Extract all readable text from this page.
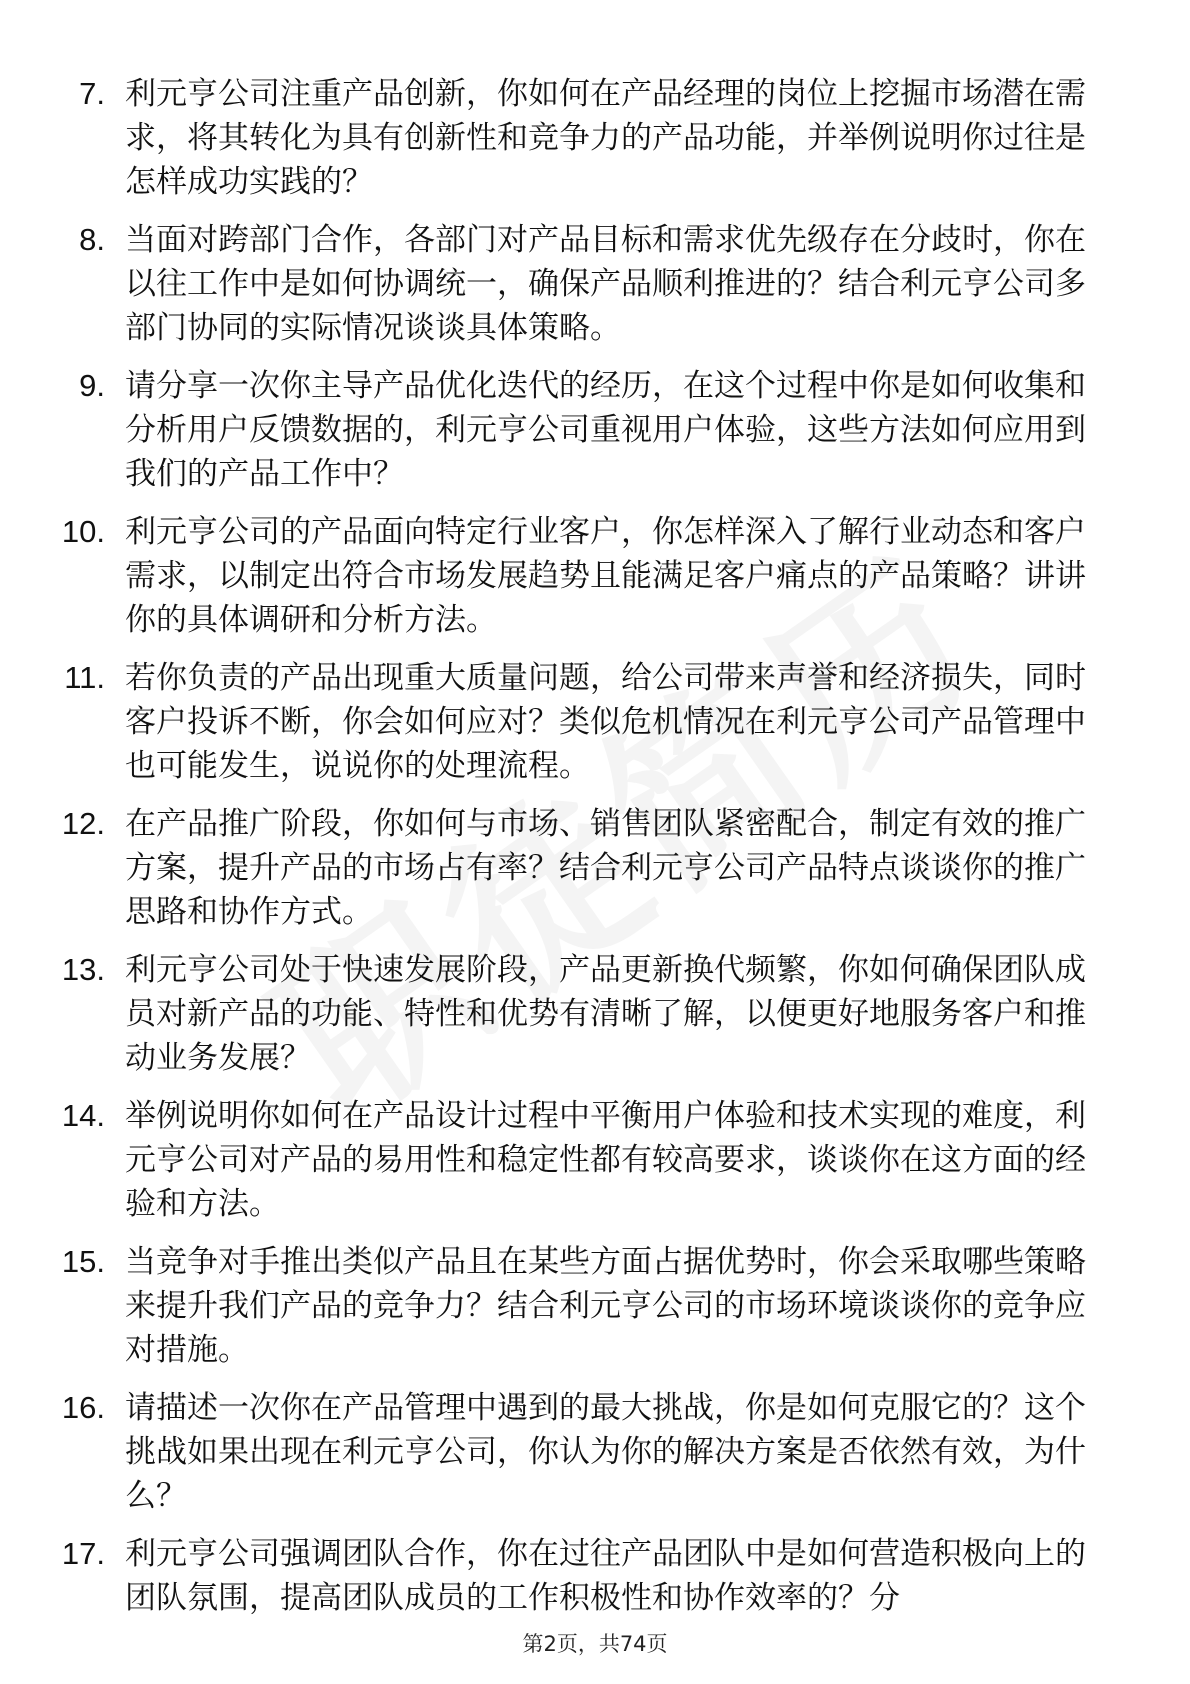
7. 利元亨公司注重产品创新，你如何在产品经理的岗位上挖掘市场潜在需求，将其转化为具有创新性和竞争力的产品功能，并举例说明你过往是怎样成功实践的？
8. 当面对跨部门合作，各部门对产品目标和需求优先级存在分歧时，你在以往工作中是如何协调统一，确保产品顺利推进的？结合利元亨公司多部门协同的实际情况谈谈具体策略。
9. 请分享一次你主导产品优化迭代的经历，在这个过程中你是如何收集和分析用户反馈数据的，利元亨公司重视用户体验，这些方法如何应用到我们的产品工作中？
10. 利元亨公司的产品面向特定行业客户，你怎样深入了解行业动态和客户需求，以制定出符合市场发展趋势且能满足客户痛点的产品策略？讲讲你的具体调研和分析方法。
11. 若你负责的产品出现重大质量问题，给公司带来声誉和经济损失，同时客户投诉不断，你会如何应对？类似危机情况在利元亨公司产品管理中也可能发生，说说你的处理流程。
12. 在产品推广阶段，你如何与市场、销售团队紧密配合，制定有效的推广方案，提升产品的市场占有率？结合利元亨公司产品特点谈谈你的推广思路和协作方式。
13. 利元亨公司处于快速发展阶段，产品更新换代频繁，你如何确保团队成员对新产品的功能、特性和优势有清晰了解，以便更好地服务客户和推动业务发展？
14. 举例说明你如何在产品设计过程中平衡用户体验和技术实现的难度，利元亨公司对产品的易用性和稳定性都有较高要求，谈谈你在这方面的经验和方法。
15. 当竞争对手推出类似产品且在某些方面占据优势时，你会采取哪些策略来提升我们产品的竞争力？结合利元亨公司的市场环境谈谈你的竞争应对措施。
16. 请描述一次你在产品管理中遇到的最大挑战，你是如何克服它的？这个挑战如果出现在利元亨公司，你认为你的解决方案是否依然有效，为什么？
17. 利元亨公司强调团队合作，你在过往产品团队中是如何营造积极向上的团队氛围，提高团队成员的工作积极性和协作效率的？分
第2页，共74页
